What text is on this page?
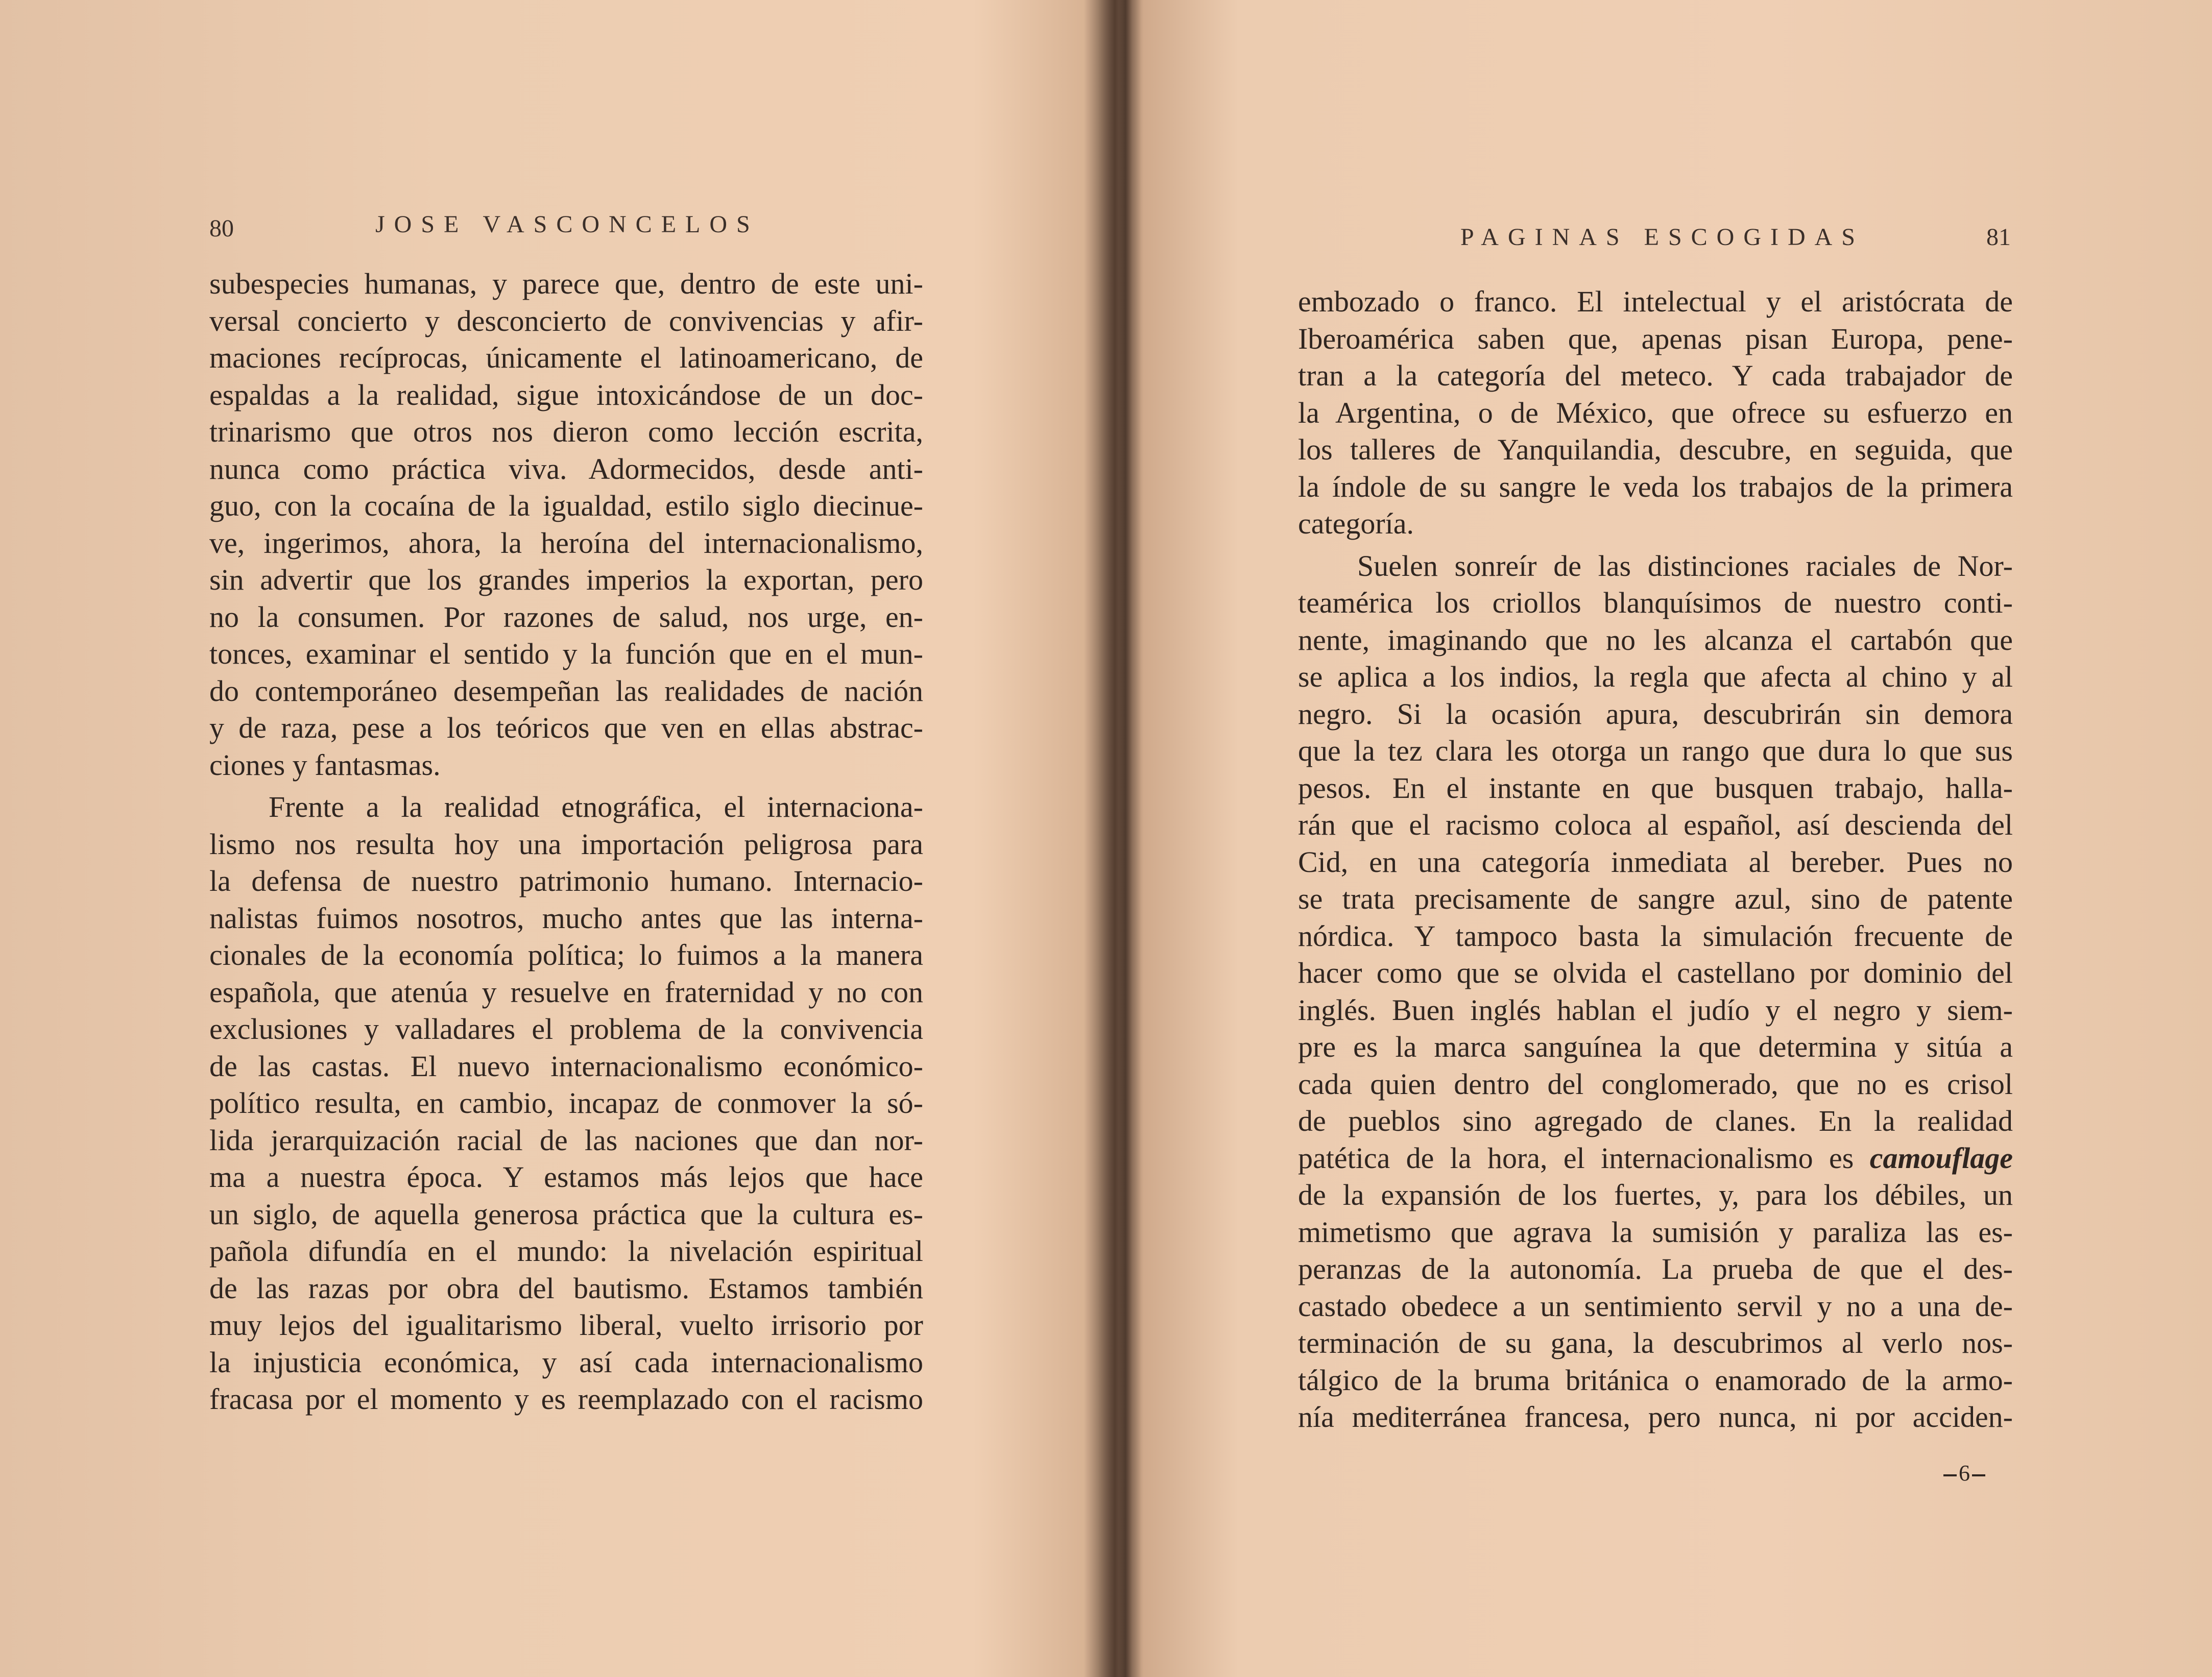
80	JOSE VASCONCELOS
subespecies humanas, y parece que, dentro de este uni-
versal concierto y desconcierto de convivencias y afir-
maciones recíprocas, únicamente el latinoamericano, de
espaldas a la realidad, sigue intoxicándose de un doc-
trinarismo que otros nos dieron como lección escrita,
nunca como práctica viva. Adormecidos, desde anti-
guo, con la cocaína de la igualdad, estilo siglo diecinue-
ve, ingerimos, ahora, la heroína del internacionalismo,
sin advertir que los grandes imperios la exportan, pero
no la consumen. Por razones de salud, nos urge, en-
tonces, examinar el sentido y la función que en el mun-
do contemporáneo desempeñan las realidades de nación
y de raza, pese a los teóricos que ven en ellas abstrac-
ciones y fantasmas.
Frente a la realidad etnográfica, el internaciona-
lismo nos resulta hoy una importación peligrosa para
la defensa de nuestro patrimonio humano. Internacio-
nalistas fuimos nosotros, mucho antes que las interna-
cionales de la economía política; lo fuimos a la manera
española, que atenúa y resuelve en fraternidad y no con
exclusiones y valladares el problema de la convivencia
de las castas. El nuevo internacionalismo económico-
político resulta, en cambio, incapaz de conmover la só-
lida jerarquización racial de las naciones que dan nor-
ma a nuestra época. Y estamos más lejos que hace
un siglo, de aquella generosa práctica que la cultura es-
pañola difundía en el mundo: la nivelación espiritual
de las razas por obra del bautismo. Estamos también
muy lejos del igualitarismo liberal, vuelto irrisorio por
la injusticia económica, y así cada internacionalismo
fracasa por el momento y es reemplazado con el racismo
PAGINAS ESCOGIDAS	81
embozado o franco. El intelectual y el aristócrata de
Iberoamérica saben que, apenas pisan Europa, pene-
tran a la categoría del meteco. Y cada trabajador de
la Argentina, o de México, que ofrece su esfuerzo en
los talleres de Yanquilandia, descubre, en seguida, que
la índole de su sangre le veda los trabajos de la primera
categoría.
Suelen sonreír de las distinciones raciales de Nor-
teamérica los criollos blanquísimos de nuestro conti-
nente, imaginando que no les alcanza el cartabón que
se aplica a los indios, la regla que afecta al chino y al
negro. Si la ocasión apura, descubrirán sin demora
que la tez clara les otorga un rango que dura lo que sus
pesos. En el instante en que busquen trabajo, halla-
rán que el racismo coloca al español, así descienda del
Cid, en una categoría inmediata al bereber. Pues no
se trata precisamente de sangre azul, sino de patente
nórdica. Y tampoco basta la simulación frecuente de
hacer como que se olvida el castellano por dominio del
inglés. Buen inglés hablan el judío y el negro y siem-
pre es la marca sanguínea la que determina y sitúa a
cada quien dentro del conglomerado, que no es crisol
de pueblos sino agregado de clanes. En la realidad
patética de la hora, el internacionalismo es camouflage
de la expansión de los fuertes, y, para los débiles, un
mimetismo que agrava la sumisión y paraliza las es-
peranzas de la autonomía. La prueba de que el des-
castado obedece a un sentimiento servil y no a una de-
terminación de su gana, la descubrimos al verlo nos-
tálgico de la bruma británica o enamorado de la armo-
nía mediterránea francesa, pero nunca, ni por acciden-
6
